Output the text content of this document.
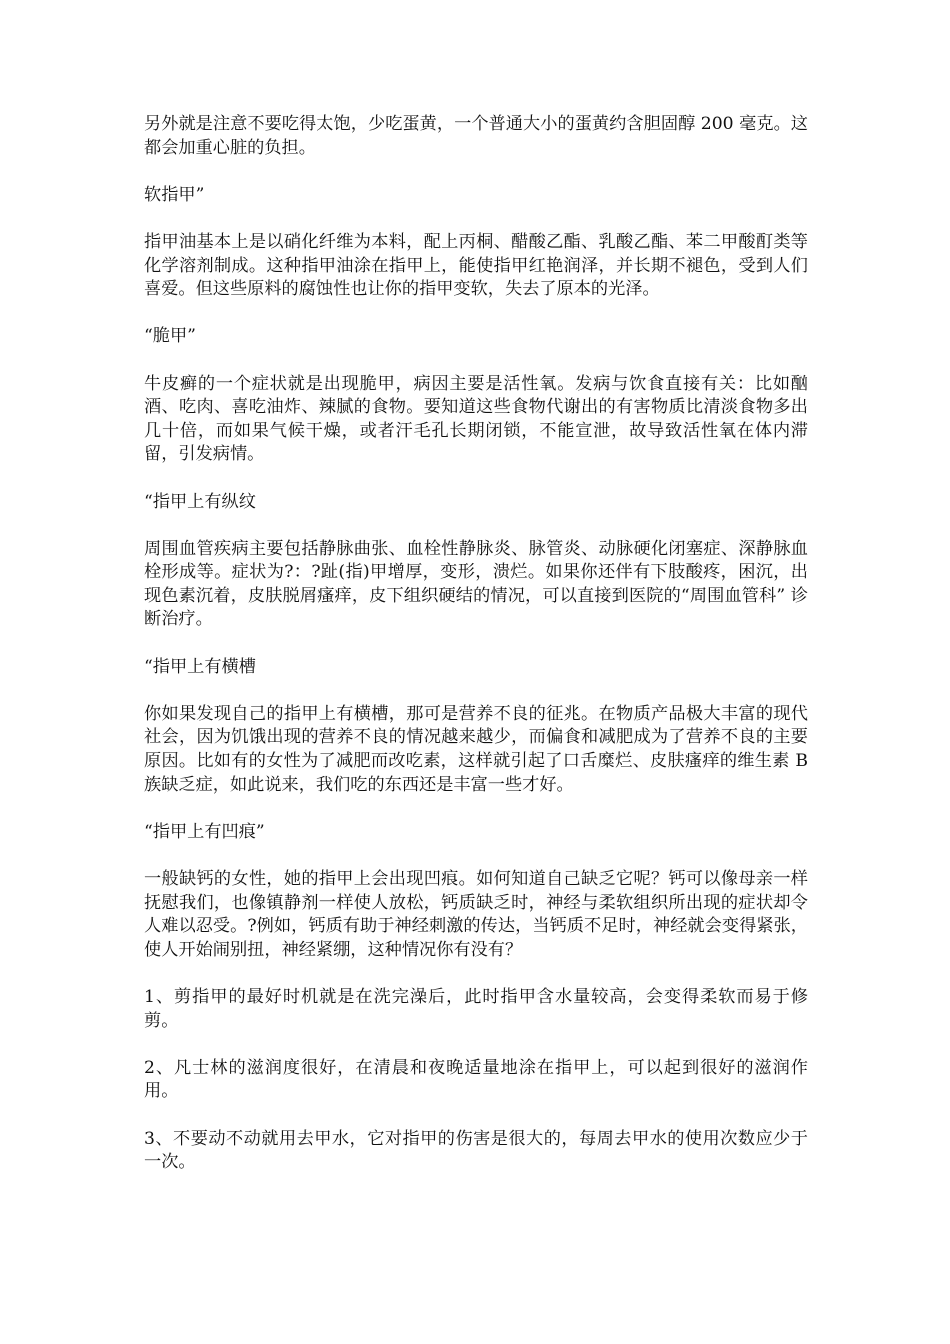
另外就是注意不要吃得太饱，少吃蛋黄，一个普通大小的蛋黄约含胆固醇 200 毫克。这都会加重心脏的负担。

软指甲”

指甲油基本上是以硝化纤维为本料，配上丙桐、醋酸乙酯、乳酸乙酯、苯二甲酸酊类等化学溶剂制成。这种指甲油涂在指甲上，能使指甲红艳润泽，并长期不褪色，受到人们喜爱。但这些原料的腐蚀性也让你的指甲变软，失去了原本的光泽。

“脆甲”

牛皮癣的一个症状就是出现脆甲，病因主要是活性氧。发病与饮食直接有关：比如酗酒、吃肉、喜吃油炸、辣腻的食物。要知道这些食物代谢出的有害物质比清淡食物多出几十倍，而如果气候干燥，或者汗毛孔长期闭锁，不能宣泄，故导致活性氧在体内滞留，引发病情。

“指甲上有纵纹

周围血管疾病主要包括静脉曲张、血栓性静脉炎、脉管炎、动脉硬化闭塞症、深静脉血栓形成等。症状为?：?趾(指)甲增厚，变形，溃烂。如果你还伴有下肢酸疼，困沉，出现色素沉着，皮肤脱屑瘙痒，皮下组织硬结的情况，可以直接到医院的“周围血管科” 诊断治疗。

“指甲上有横槽

你如果发现自己的指甲上有横槽，那可是营养不良的征兆。在物质产品极大丰富的现代社会，因为饥饿出现的营养不良的情况越来越少，而偏食和减肥成为了营养不良的主要原因。比如有的女性为了减肥而改吃素，这样就引起了口舌糜烂、皮肤瘙痒的维生素 B 族缺乏症，如此说来，我们吃的东西还是丰富一些才好。

“指甲上有凹痕”

一般缺钙的女性，她的指甲上会出现凹痕。如何知道自己缺乏它呢？钙可以像母亲一样抚慰我们，也像镇静剂一样使人放松，钙质缺乏时，神经与柔软组织所出现的症状却令人难以忍受。?例如，钙质有助于神经刺激的传达，当钙质不足时，神经就会变得紧张，使人开始闹别扭，神经紧绷，这种情况你有没有？

1、剪指甲的最好时机就是在洗完澡后，此时指甲含水量较高，会变得柔软而易于修剪。

2、凡士林的滋润度很好，在清晨和夜晚适量地涂在指甲上，可以起到很好的滋润作用。

3、不要动不动就用去甲水，它对指甲的伤害是很大的，每周去甲水的使用次数应少于一次。
